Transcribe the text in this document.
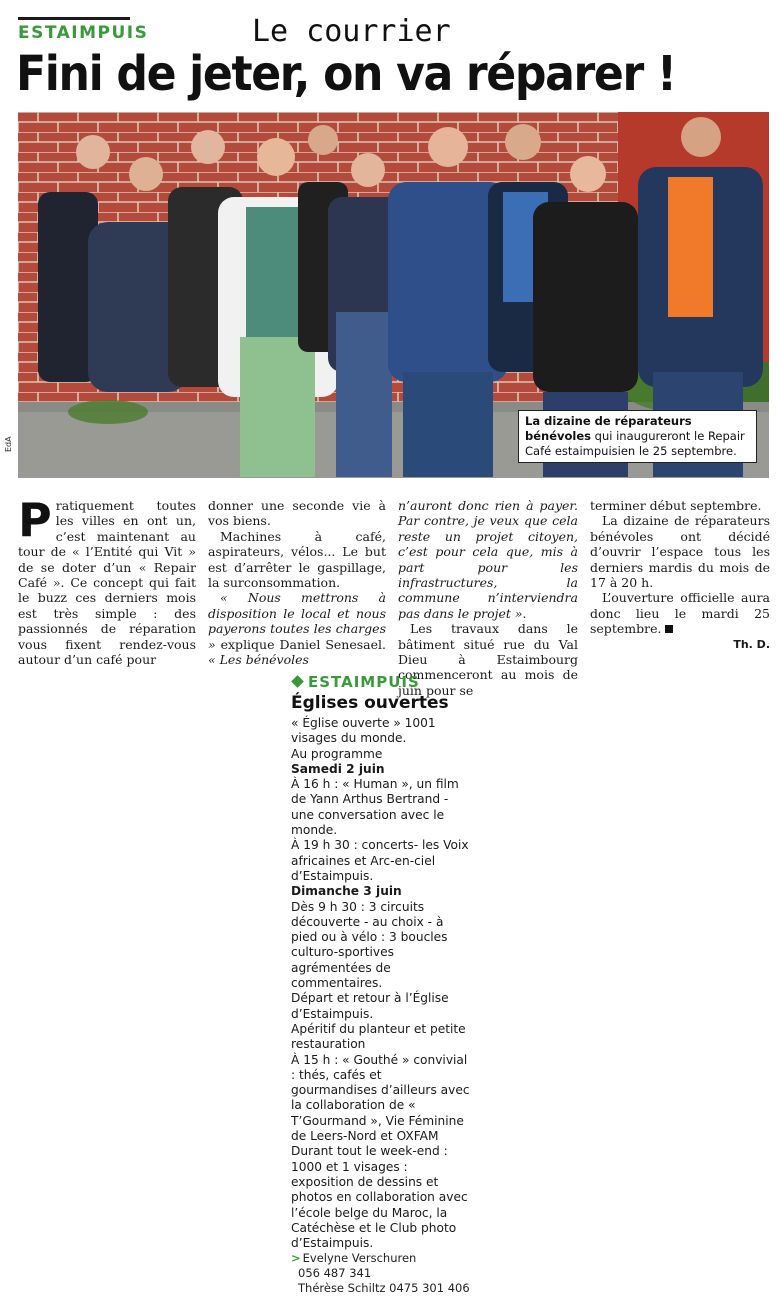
ESTAIMPUIS	Le courrier
Fini de jeter, on va réparer !
EdA
La dizaine de réparateurs bénévoles qui inaugureront le Repair Café estaimpuisien le 25 septembre.

Pratiquement toutes les villes en ont un, c’est maintenant au tour de « l’Entité qui Vit » de se doter d’un « Repair Café ». Ce concept qui fait le buzz ces derniers mois est très simple : des passionnés de réparation vous fixent rendez-vous autour d’un café pour

donner une seconde vie à vos biens.

Machines à café, aspirateurs, vélos... Le but est d’arrêter le gaspillage, la surconsommation.

« Nous mettrons à disposition le local et nous payerons toutes les charges » explique Daniel Senesael. « Les bénévoles

n’auront donc rien à payer. Par contre, je veux que cela reste un projet citoyen, c’est pour cela que, mis à part pour les infrastructures, la commune n’interviendra pas dans le projet ».

Les travaux dans le bâtiment situé rue du Val Dieu à Estaimbourg commenceront au mois de juin pour se

terminer début septembre.

La dizaine de réparateurs bénévoles ont décidé d’ouvrir l’espace tous les derniers mardis du mois de 17 à 20 h.

L’ouverture officielle aura donc lieu le mardi 25 septembre.

Th. D.

ESTAIMPUIS
Églises ouvertes
« Église ouverte » 1001 visages du monde.
Au programme
Samedi 2 juin
À 16 h : « Human », un film de Yann Arthus Bertrand - une conversation avec le monde.
À 19 h 30 : concerts- les Voix africaines et Arc-en-ciel d’Estaimpuis.
Dimanche 3 juin
Dès 9 h 30 : 3 circuits découverte - au choix - à pied ou à vélo : 3 boucles culturo-sportives agrémentées de commentaires.
Départ et retour à l’Église d’Estaimpuis.
Apéritif du planteur et petite restauration
À 15 h : « Gouthé » convivial : thés, cafés et gourmandises d’ailleurs avec la collaboration de « T’Gourmand », Vie Féminine de Leers-Nord et OXFAM
Durant tout le week-end : 1000 et 1 visages : exposition de dessins et photos en collaboration avec l’école belge du Maroc, la Catéchèse et le Club photo d’Estaimpuis.
> Evelyne Verschuren
056 487 341
Thérèse Schiltz 0475 301 406
